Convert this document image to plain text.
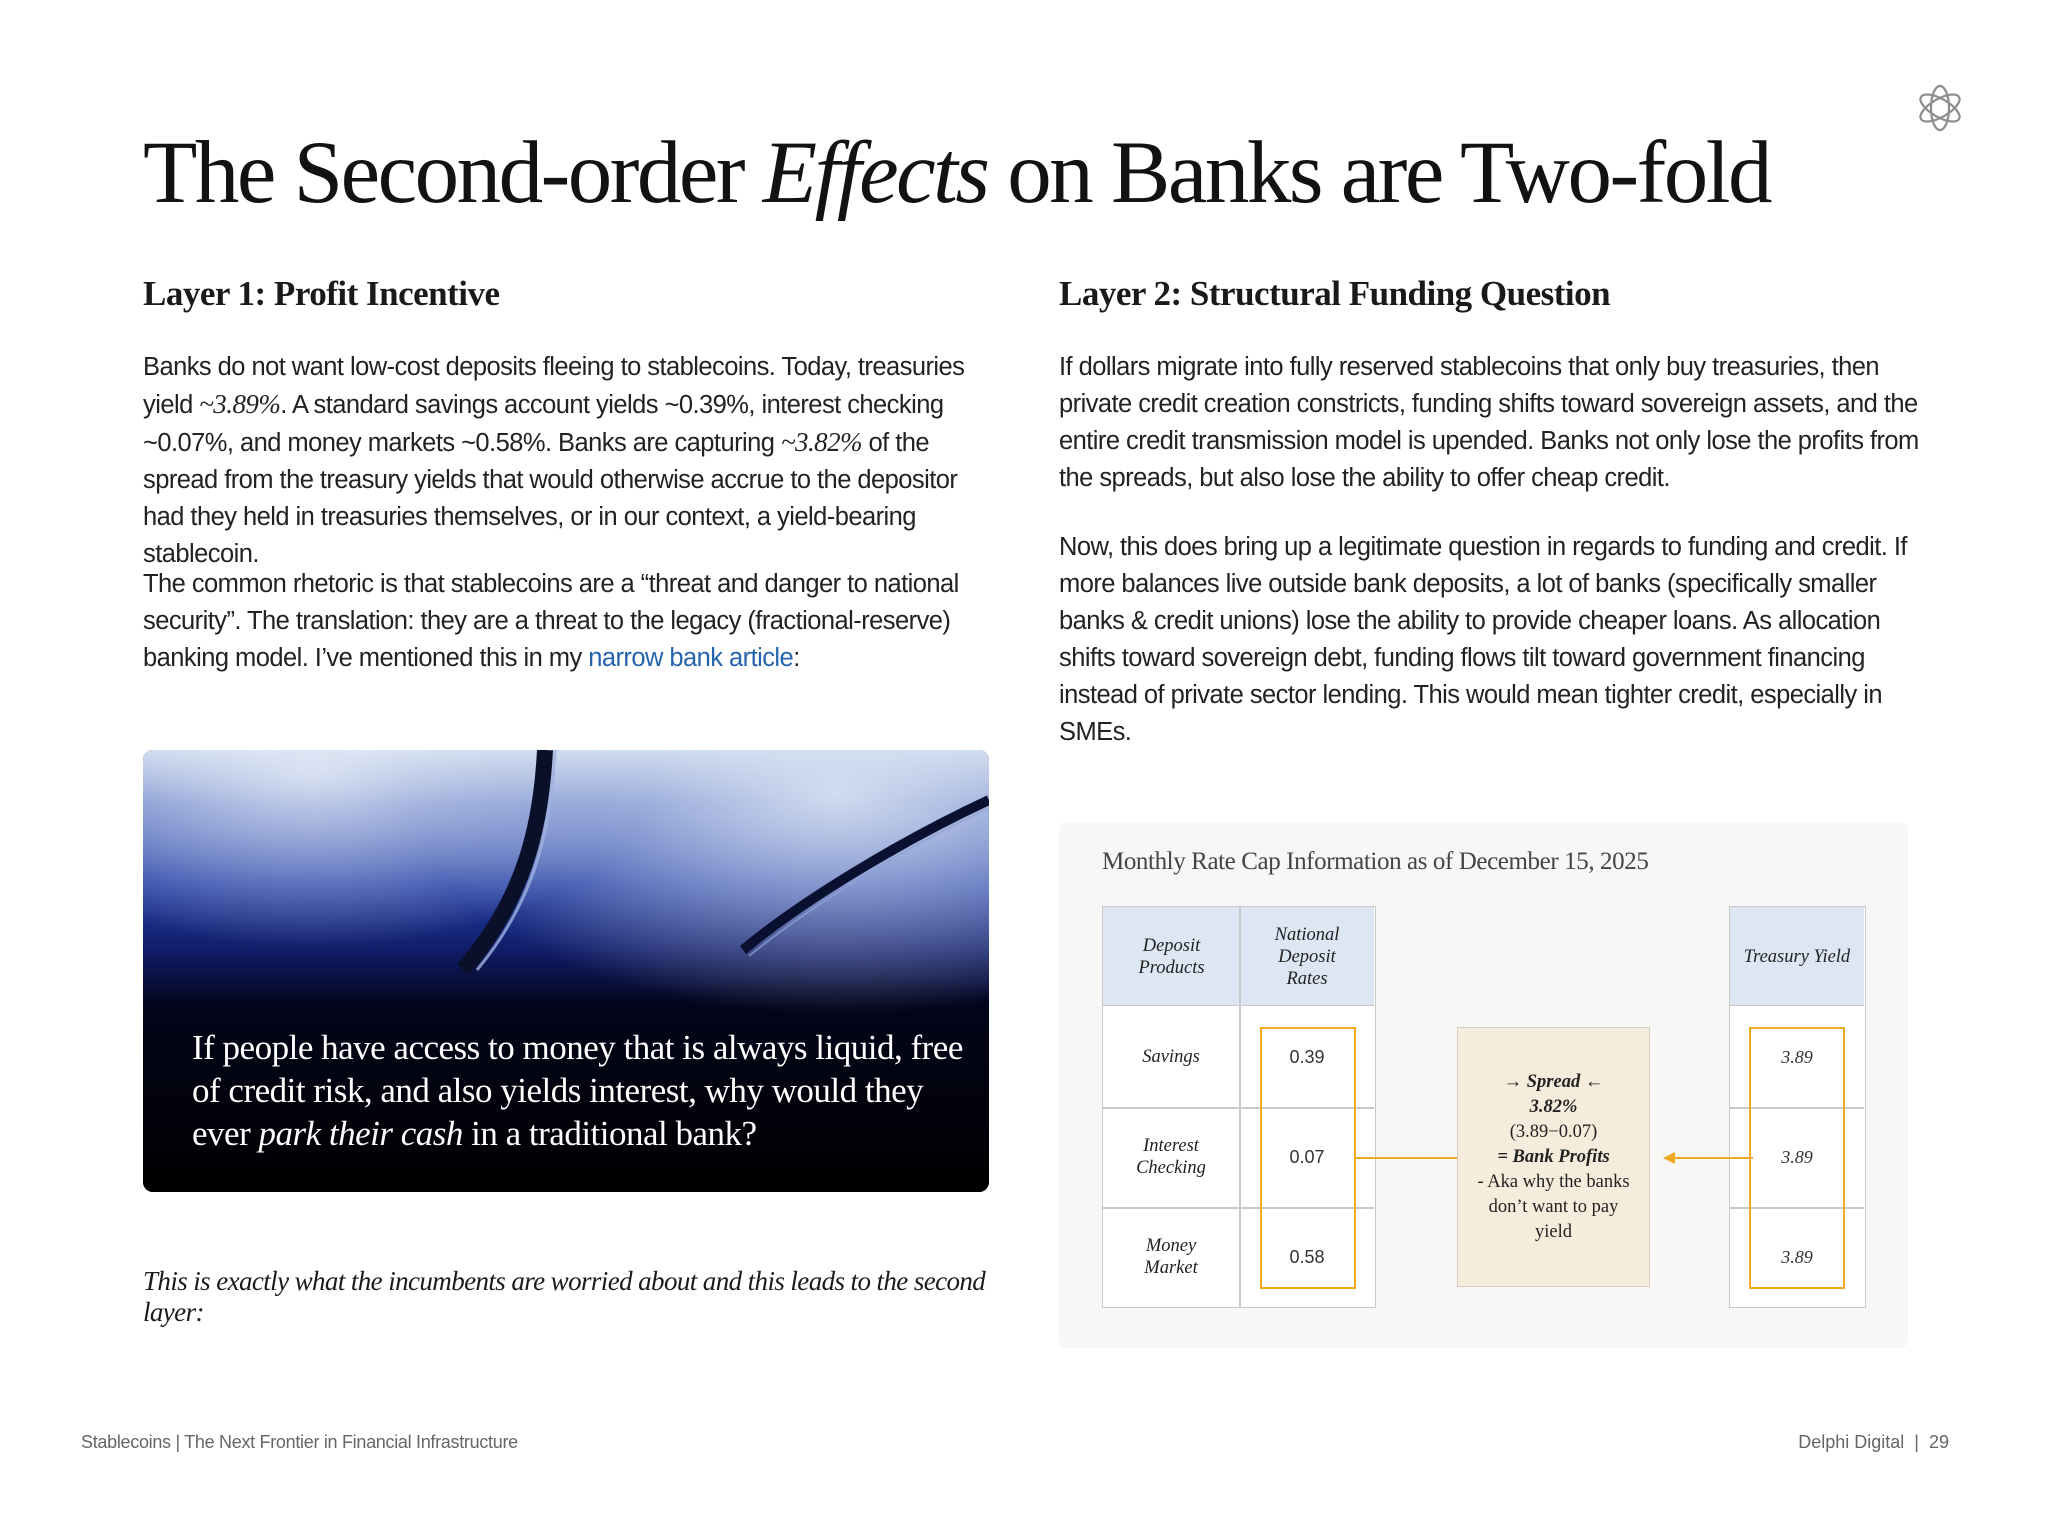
The Second-order Effects on Banks are Two-fold
Layer 1: Profit Incentive

Banks do not want low-cost deposits fleeing to stablecoins. Today, treasuries yield ~3.89%. A standard savings account yields ~0.39%, interest checking ~0.07%, and money markets ~0.58%. Banks are capturing ~3.82% of the spread from the treasury yields that would otherwise accrue to the depositor had they held in treasuries themselves, or in our context, a yield-bearing stablecoin.

The common rhetoric is that stablecoins are a “threat and danger to national security”. The translation: they are a threat to the legacy (fractional-reserve) banking model. I’ve mentioned this in my narrow bank article:

If people have access to money that is always liquid, free of credit risk, and also yields interest, why would they ever park their cash in a traditional bank?

This is exactly what the incumbents are worried about and this leads to the second layer:

Layer 2: Structural Funding Question

If dollars migrate into fully reserved stablecoins that only buy treasuries, then private credit creation constricts, funding shifts toward sovereign assets, and the entire credit transmission model is upended. Banks not only lose the profits from the spreads, but also lose the ability to offer cheap credit.

Now, this does bring up a legitimate question in regards to funding and credit. If more balances live outside bank deposits, a lot of banks (specifically smaller banks & credit unions) lose the ability to provide cheaper loans. As allocation shifts toward sovereign debt, funding flows tilt toward government financing instead of private sector lending. This would mean tighter credit, especially in SMEs.

Monthly Rate Cap Information as of December 15, 2025
Deposit Products
National Deposit Rates
Savings
Interest Checking
Money Market
0.39
0.07
0.58
Treasury Yield
3.89
3.89
3.89
→ Spread ←
3.82%
(3.89−0.07)
= Bank Profits
- Aka why the banks don’t want to pay yield
Stablecoins | The Next Frontier in Financial Infrastructure	Delphi Digital  |  29
